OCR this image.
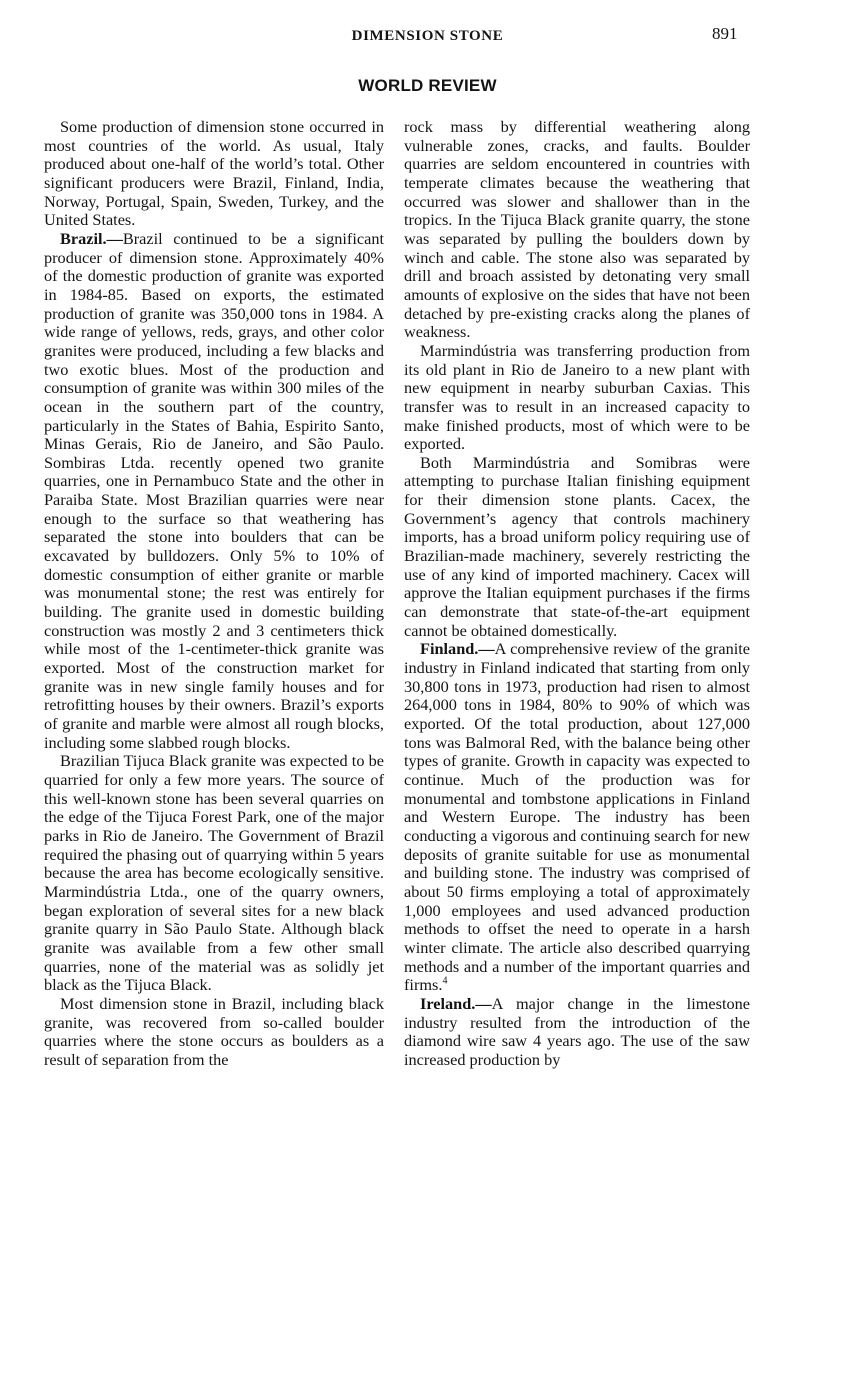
DIMENSION STONE	891
WORLD REVIEW

Some production of dimension stone occurred in most countries of the world. As usual, Italy produced about one-half of the world’s total. Other significant producers were Brazil, Finland, India, Norway, Portugal, Spain, Sweden, Turkey, and the United States.

Brazil.—Brazil continued to be a significant producer of dimension stone. Approximately 40% of the domestic production of granite was exported in 1984-85. Based on exports, the estimated production of granite was 350,000 tons in 1984. A wide range of yellows, reds, grays, and other color granites were produced, including a few blacks and two exotic blues. Most of the production and consumption of granite was within 300 miles of the ocean in the southern part of the country, particularly in the States of Bahia, Espirito Santo, Minas Gerais, Rio de Janeiro, and São Paulo. Sombiras Ltda. recently opened two granite quarries, one in Pernambuco State and the other in Paraiba State. Most Brazilian quarries were near enough to the surface so that weathering has separated the stone into boulders that can be excavated by bulldozers. Only 5% to 10% of domestic consumption of either granite or marble was monumental stone; the rest was entirely for building. The granite used in domestic building construction was mostly 2 and 3 centimeters thick while most of the 1-centimeter-thick granite was exported. Most of the construction market for granite was in new single family houses and for retrofitting houses by their owners. Brazil’s exports of granite and marble were almost all rough blocks, including some slabbed rough blocks.

Brazilian Tijuca Black granite was expected to be quarried for only a few more years. The source of this well-known stone has been several quarries on the edge of the Tijuca Forest Park, one of the major parks in Rio de Janeiro. The Government of Brazil required the phasing out of quarrying within 5 years because the area has become ecologically sensitive. Marmindústria Ltda., one of the quarry owners, began exploration of several sites for a new black granite quarry in São Paulo State. Although black granite was available from a few other small quarries, none of the material was as solidly jet black as the Tijuca Black.

Most dimension stone in Brazil, including black granite, was recovered from so-called boulder quarries where the stone occurs as boulders as a result of separation from the

rock mass by differential weathering along vulnerable zones, cracks, and faults. Boulder quarries are seldom encountered in countries with temperate climates because the weathering that occurred was slower and shallower than in the tropics. In the Tijuca Black granite quarry, the stone was separated by pulling the boulders down by winch and cable. The stone also was separated by drill and broach assisted by detonating very small amounts of explosive on the sides that have not been detached by pre-existing cracks along the planes of weakness.

Marmindústria was transferring production from its old plant in Rio de Janeiro to a new plant with new equipment in nearby suburban Caxias. This transfer was to result in an increased capacity to make finished products, most of which were to be exported.

Both Marmindústria and Somibras were attempting to purchase Italian finishing equipment for their dimension stone plants. Cacex, the Government’s agency that controls machinery imports, has a broad uniform policy requiring use of Brazilian-made machinery, severely restricting the use of any kind of imported machinery. Cacex will approve the Italian equipment purchases if the firms can demonstrate that state-of-the-art equipment cannot be obtained domestically.

Finland.—A comprehensive review of the granite industry in Finland indicated that starting from only 30,800 tons in 1973, production had risen to almost 264,000 tons in 1984, 80% to 90% of which was exported. Of the total production, about 127,000 tons was Balmoral Red, with the balance being other types of granite. Growth in capacity was expected to continue. Much of the production was for monumental and tombstone applications in Finland and Western Europe. The industry has been conducting a vigorous and continuing search for new deposits of granite suitable for use as monumental and building stone. The industry was comprised of about 50 firms employing a total of approximately 1,000 employees and used advanced production methods to offset the need to operate in a harsh winter climate. The article also described quarrying methods and a number of the important quarries and firms.$^4$

Ireland.—A major change in the limestone industry resulted from the introduction of the diamond wire saw 4 years ago. The use of the saw increased production by
